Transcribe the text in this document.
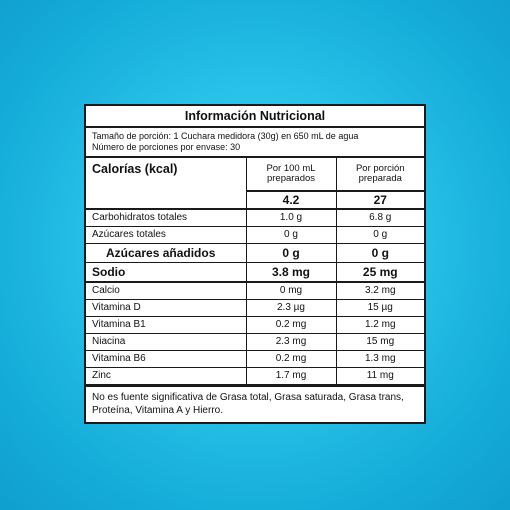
Información Nutricional
Tamaño de porción: 1 Cuchara medidora (30g) en 650 mL de agua
Número de porciones por envase: 30
Calorías (kcal)	Por 100 mL preparados	Por porción preparada
	4.2	27
Carbohidratos totales	1.0 g	6.8 g
Azúcares totales	0 g	0 g
Azúcares añadidos	0 g	0 g
Sodio	3.8 mg	25 mg
Calcio	0 mg	3.2 mg
Vitamina D	2.3 µg	15 µg
Vitamina B1	0.2 mg	1.2 mg
Niacina	2.3 mg	15 mg
Vitamina B6	0.2 mg	1.3 mg
Zinc	1.7 mg	11 mg
No es fuente significativa de Grasa total, Grasa saturada, Grasa trans, Proteína, Vitamina A y Hierro.
